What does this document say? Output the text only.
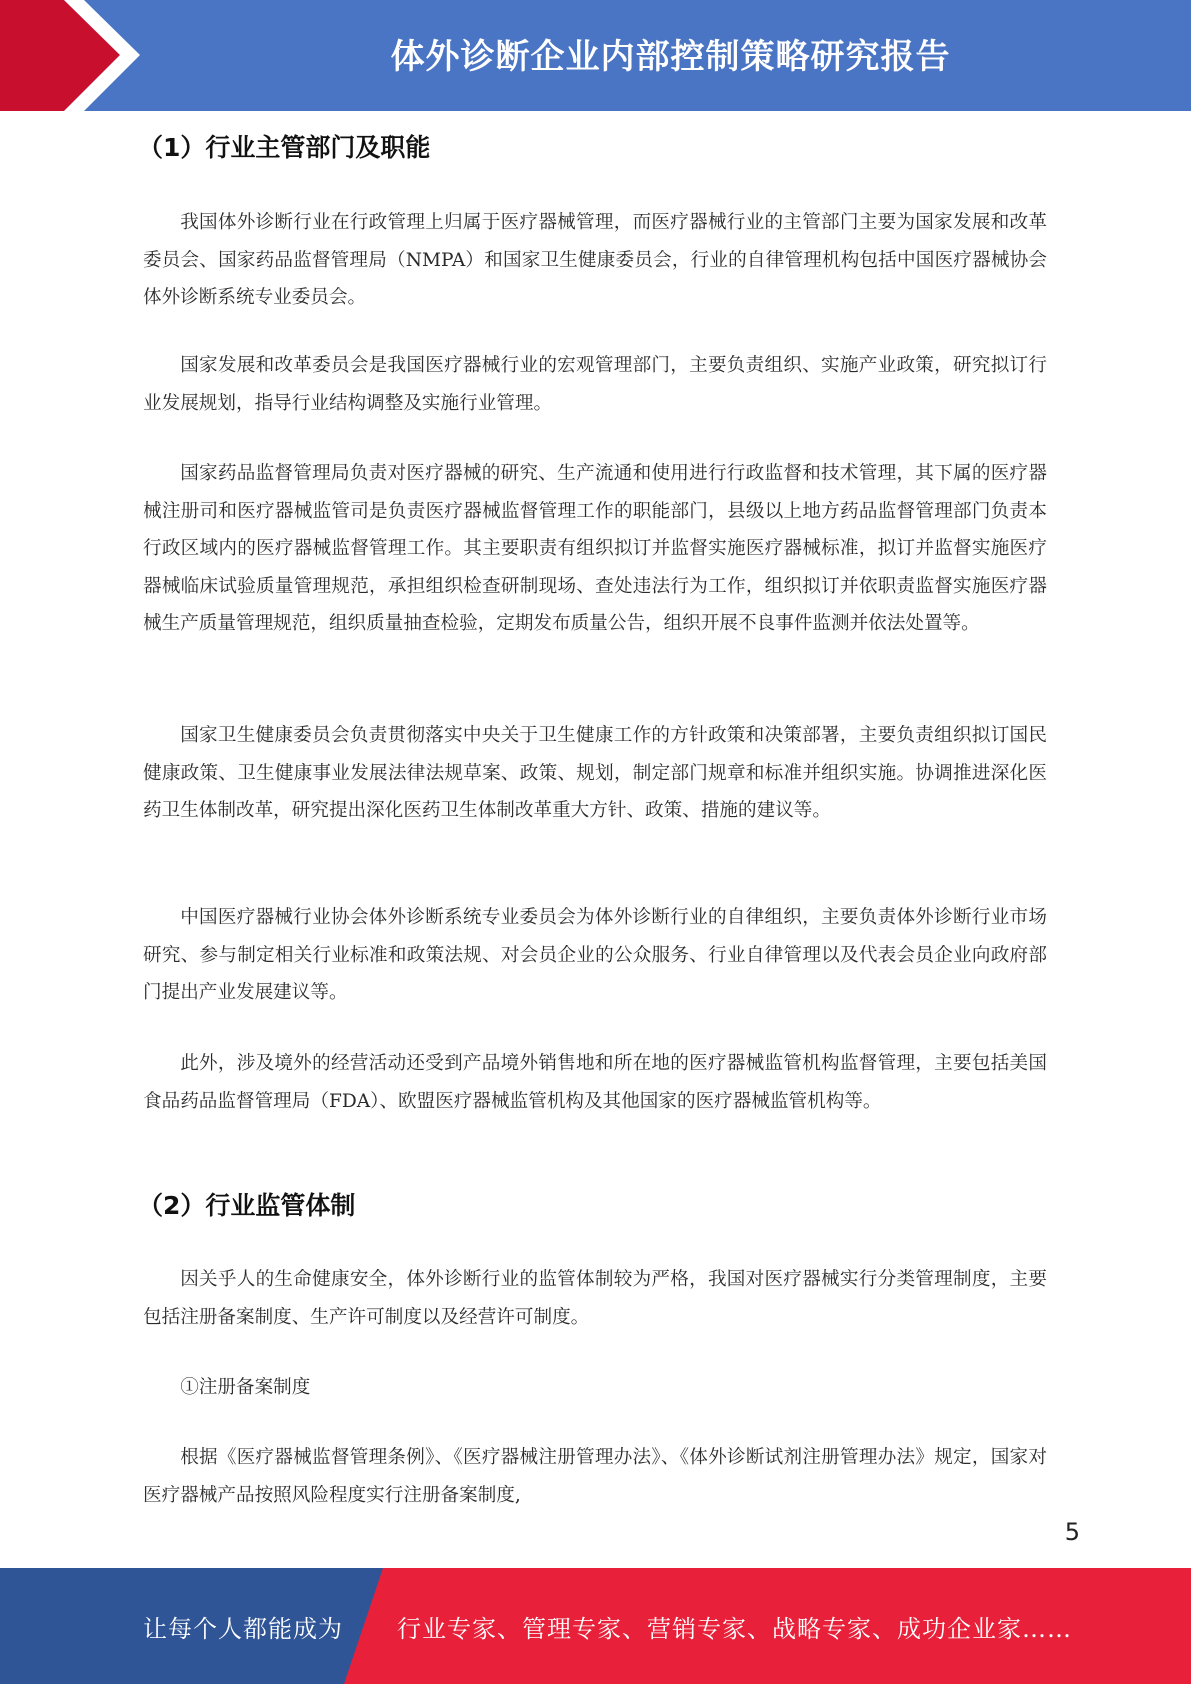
体外诊断企业内部控制策略研究报告
（1）行业主管部门及职能

我国体外诊断行业在行政管理上归属于医疗器械管理，而医疗器械行业的主管部门主要为国家发展和改革委员会、国家药品监督管理局（NMPA）和国家卫生健康委员会，行业的自律管理机构包括中国医疗器械协会体外诊断系统专业委员会。

国家发展和改革委员会是我国医疗器械行业的宏观管理部门，主要负责组织、实施产业政策，研究拟订行业发展规划，指导行业结构调整及实施行业管理。

国家药品监督管理局负责对医疗器械的研究、生产流通和使用进行行政监督和技术管理，其下属的医疗器械注册司和医疗器械监管司是负责医疗器械监督管理工作的职能部门，县级以上地方药品监督管理部门负责本行政区域内的医疗器械监督管理工作。其主要职责有组织拟订并监督实施医疗器械标准，拟订并监督实施医疗器械临床试验质量管理规范，承担组织检查研制现场、查处违法行为工作，组织拟订并依职责监督实施医疗器械生产质量管理规范，组织质量抽查检验，定期发布质量公告，组织开展不良事件监测并依法处置等。

国家卫生健康委员会负责贯彻落实中央关于卫生健康工作的方针政策和决策部署，主要负责组织拟订国民健康政策、卫生健康事业发展法律法规草案、政策、规划，制定部门规章和标准并组织实施。协调推进深化医药卫生体制改革，研究提出深化医药卫生体制改革重大方针、政策、措施的建议等。

中国医疗器械行业协会体外诊断系统专业委员会为体外诊断行业的自律组织，主要负责体外诊断行业市场研究、参与制定相关行业标准和政策法规、对会员企业的公众服务、行业自律管理以及代表会员企业向政府部门提出产业发展建议等。

此外，涉及境外的经营活动还受到产品境外销售地和所在地的医疗器械监管机构监督管理，主要包括美国食品药品监督管理局（FDA）、欧盟医疗器械监管机构及其他国家的医疗器械监管机构等。

（2）行业监管体制

因关乎人的生命健康安全，体外诊断行业的监管体制较为严格，我国对医疗器械实行分类管理制度，主要包括注册备案制度、生产许可制度以及经营许可制度。

①注册备案制度

根据《医疗器械监督管理条例》、《医疗器械注册管理办法》、《体外诊断试剂注册管理办法》规定，国家对医疗器械产品按照风险程度实行注册备案制度,

5
让每个人都能成为 行业专家、管理专家、营销专家、战略专家、成功企业家……
